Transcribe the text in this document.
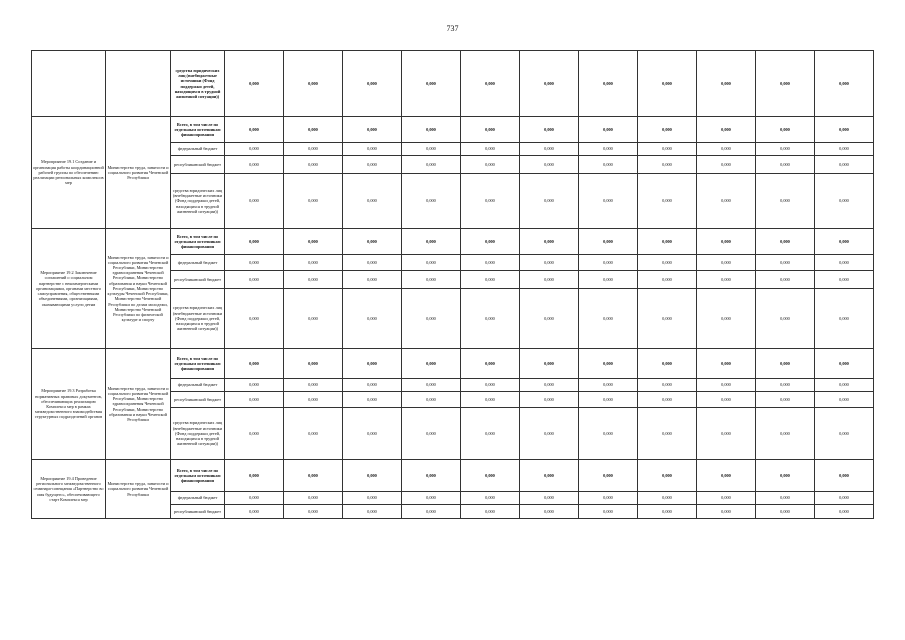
737
		средства юридических лиц (внебюджетные источники (Фонд поддержки детей, находящихся в трудной жизненной ситуации))	0,000	0,000	0,000	0,000	0,000	0,000	0,000	0,000	0,000	0,000	0,000
Мероприятие 19.1 Создание и организация работы координационной рабочей группы по обеспечению реализации региональных комплексов мер	Министерство труда, занятости и социального развития Чеченской Республики	Всего, в том числе по отдельным источникам финансирования	0,000	0,000	0,000	0,000	0,000	0,000	0,000	0,000	0,000	0,000	0,000
		федеральный бюджет	0,000	0,000	0,000	0,000	0,000	0,000	0,000	0,000	0,000	0,000	0,000
		республиканский бюджет	0,000	0,000	0,000	0,000	0,000	0,000	0,000	0,000	0,000	0,000	0,000
		средства юридических лиц (внебюджетные источники (Фонд поддержки детей, находящихся в трудной жизненной ситуации))	0,000	0,000	0,000	0,000	0,000	0,000	0,000	0,000	0,000	0,000	0,000
Мероприятие 19.2 Заключение соглашений о социальном партнерстве с некоммерческими организациями, органами местного самоуправления, общественными объединениями, организациями, оказывающими услуги детям	Министерство труда, занятости и социального развития Чеченской Республики, Министерство здравоохранения Чеченской Республики, Министерство образования и науки Чеченской Республики, Министерство культуры Чеченской Республики, Министерство Чеченской Республики по делам молодежи, Министерство Чеченской Республики по физической культуре и спорту	Всего, в том числе по отдельным источникам финансирования	0,000	0,000	0,000	0,000	0,000	0,000	0,000	0,000	0,000	0,000	0,000
		федеральный бюджет	0,000	0,000	0,000	0,000	0,000	0,000	0,000	0,000	0,000	0,000	0,000
		республиканский бюджет	0,000	0,000	0,000	0,000	0,000	0,000	0,000	0,000	0,000	0,000	0,000
		средства юридических лиц (внебюджетные источники (Фонд поддержки детей, находящихся в трудной жизненной ситуации))	0,000	0,000	0,000	0,000	0,000	0,000	0,000	0,000	0,000	0,000	0,000
Мероприятие 19.3 Разработка нормативных правовых документов, обеспечивающих реализацию Комплекса мер в рамках межведомственного взаимодействия структурных подразделений органов	Министерство труда, занятости и социального развития Чеченской Республики, Министерство здравоохранения Чеченской Республики, Министерство образования и науки Чеченской Республики	Всего, в том числе по отдельным источникам финансирования	0,000	0,000	0,000	0,000	0,000	0,000	0,000	0,000	0,000	0,000	0,000
		федеральный бюджет	0,000	0,000	0,000	0,000	0,000	0,000	0,000	0,000	0,000	0,000	0,000
		республиканский бюджет	0,000	0,000	0,000	0,000	0,000	0,000	0,000	0,000	0,000	0,000	0,000
		средства юридических лиц (внебюджетные источники (Фонд поддержки детей, находящихся в трудной жизненной ситуации))	0,000	0,000	0,000	0,000	0,000	0,000	0,000	0,000	0,000	0,000	0,000
Мероприятие 19.4 Проведение регионального межведомственного семинара-совещания «Партнерство во имя будущего», обеспечивающего старт Комплекса мер	Министерство труда, занятости и социального развития Чеченской Республики	Всего, в том числе по отдельным источникам финансирования	0,000	0,000	0,000	0,000	0,000	0,000	0,000	0,000	0,000	0,000	0,000
		федеральный бюджет	0,000	0,000	0,000	0,000	0,000	0,000	0,000	0,000	0,000	0,000	0,000
		республиканский бюджет	0,000	0,000	0,000	0,000	0,000	0,000	0,000	0,000	0,000	0,000	0,000
